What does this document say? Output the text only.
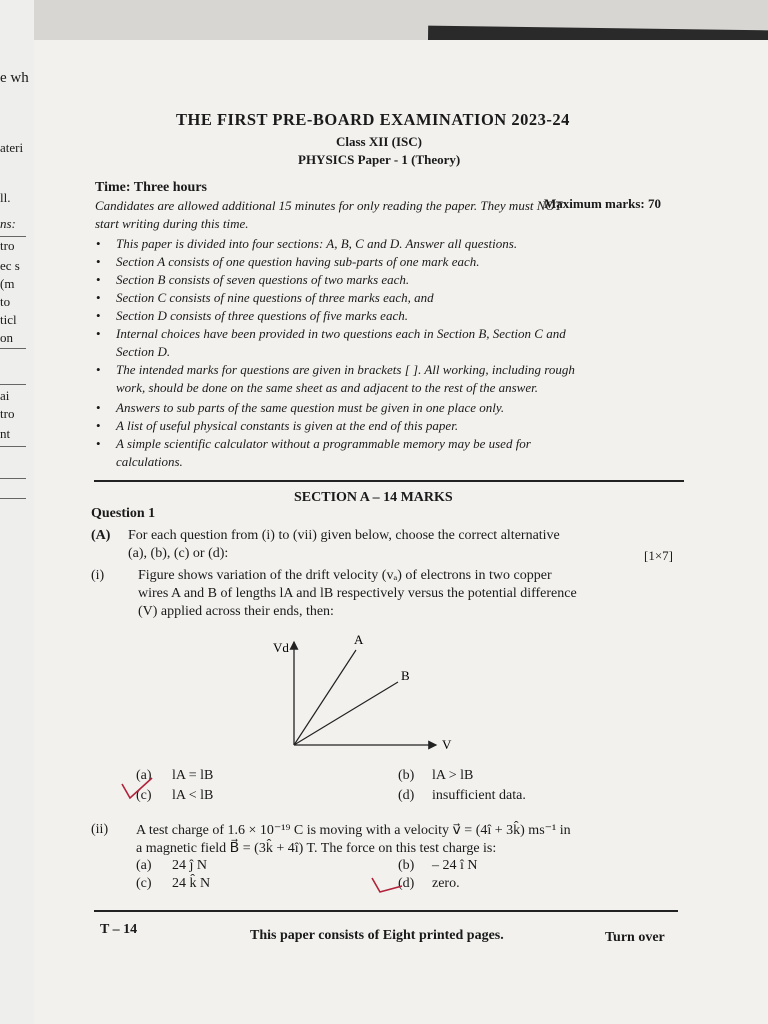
e wh
ateri
ll.
ns:
tro
ec s
(m
to
ticl
on
ai
tro
nt
THE FIRST PRE-BOARD EXAMINATION 2023-24
Class XII (ISC)
PHYSICS Paper - 1 (Theory)
Time: Three hours
Maximum marks: 70
Candidates are allowed additional 15 minutes for only reading the paper. They must NOT
start writing during this time.
• This paper is divided into four sections: A, B, C and D. Answer all questions.
• Section A consists of one question having sub-parts of one mark each.
• Section B consists of seven questions of two marks each.
• Section C consists of nine questions of three marks each, and
• Section D consists of three questions of five marks each.
• Internal choices have been provided in two questions each in Section B, Section C and
Section D.
• The intended marks for questions are given in brackets [ ]. All working, including rough
work, should be done on the same sheet as and adjacent to the rest of the answer.
• Answers to sub parts of the same question must be given in one place only.
• A list of useful physical constants is given at the end of this paper.
• A simple scientific calculator without a programmable memory may be used for
calculations.
SECTION A – 14 MARKS
Question 1
(A) For each question from (i) to (vii) given below, choose the correct alternative
(a), (b), (c) or (d):	[1×7]
(i) Figure shows variation of the drift velocity (vₐ) of electrons in two copper
wires A and B of lengths lA and lB respectively versus the potential difference
(V) applied across their ends, then:
Vd
V
A
B
(a) lA = lB	(b) lA > lB
(c) lA < lB	(d) insufficient data.
(ii) A test charge of 1.6 × 10⁻¹⁹ C is moving with a velocity v⃗ = (4î + 3k̂) ms⁻¹ in
a magnetic field B⃗ = (3k̂ + 4î) T. The force on this test charge is:
(a) 24 ĵ N	(b) – 24 î N
(c) 24 k̂ N	(d) zero.
T – 14	This paper consists of Eight printed pages.	Turn over
